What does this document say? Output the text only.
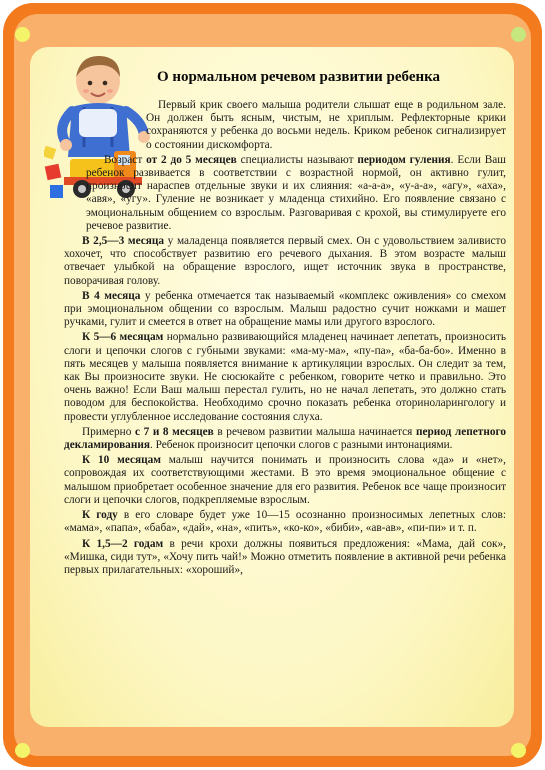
О нормальном речевом развитии ребенка

Первый крик своего малыша родители слышат еще в родильном зале. Он должен быть ясным, чистым, не хриплым. Рефлекторные крики сохраняются у ребенка до восьми недель. Криком ребенок сигнализирует о состоянии дискомфорта.

Возраст от 2 до 5 месяцев специалисты называют периодом гуления. Если Ваш ребенок развивается в соответствии с возрастной нормой, он активно гулит, произносит нараспев отдельные звуки и их слияния: «а-а-а», «у-а-а», «агу», «аха», «авя», «угу». Гуление не возникает у младенца стихийно. Его появление связано с эмоциональным общением со взрослым. Разговаривая с крохой, вы стимулируете его речевое развитие.

В 2,5—3 месяца у маладенца появляется первый смех. Он с удовольствием заливисто хохочет, что способствует развитию его речевого дыхания. В этом возрасте малыш отвечает улыбкой на обращение взрослого, ищет источник звука в пространстве, поворачивая голову.

В 4 месяца у ребенка отмечается так называемый «комплекс оживления» со смехом при эмоциональном общении со взрослым. Малыш радостно сучит ножками и машет ручками, гулит и смеется в ответ на обращение мамы или другого взрослого.

К 5—6 месяцам нормально развивающийся младенец начинает лепетать, произносить слоги и цепочки слогов с губными звуками: «ма-му-ма», «пу-па», «ба-ба-бо». Именно в пять месяцев у малыша появляется внимание к артикуляции взрослых. Он следит за тем, как Вы произносите звуки. Не сюсюкайте с ребенком, говорите четко и правильно. Это очень важно! Если Ваш малыш перестал гулить, но не начал лепетать, это должно стать поводом для беспокойства. Необходимо срочно показать ребенка оториноларингологу и провести углубленное исследование состояния слуха.

Примерно с 7 и 8 месяцев в речевом развитии малыша начинается период лепетного декламирования. Ребенок произносит цепочки слогов с разными интонациями.

К 10 месяцам малыш научится понимать и произносить слова «да» и «нет», сопровождая их соответствующими жестами. В это время эмоциональное общение с малышом приобретает особенное значение для его развития. Ребенок все чаще произносит слоги и цепочки слогов, подкрепляемые взрослым.

К году в его словаре будет уже 10—15 осознанно произносимых лепетных слов: «мама», «папа», «баба», «дай», «на», «пить», «ко-ко», «биби», «ав-ав», «пи-пи» и т. п.

К 1,5—2 годам в речи крохи должны появиться предложения: «Мама, дай сок», «Мишка, сиди тут», «Хочу пить чай!» Можно отметить появление в активной речи ребенка первых прилагательных: «хороший»,
